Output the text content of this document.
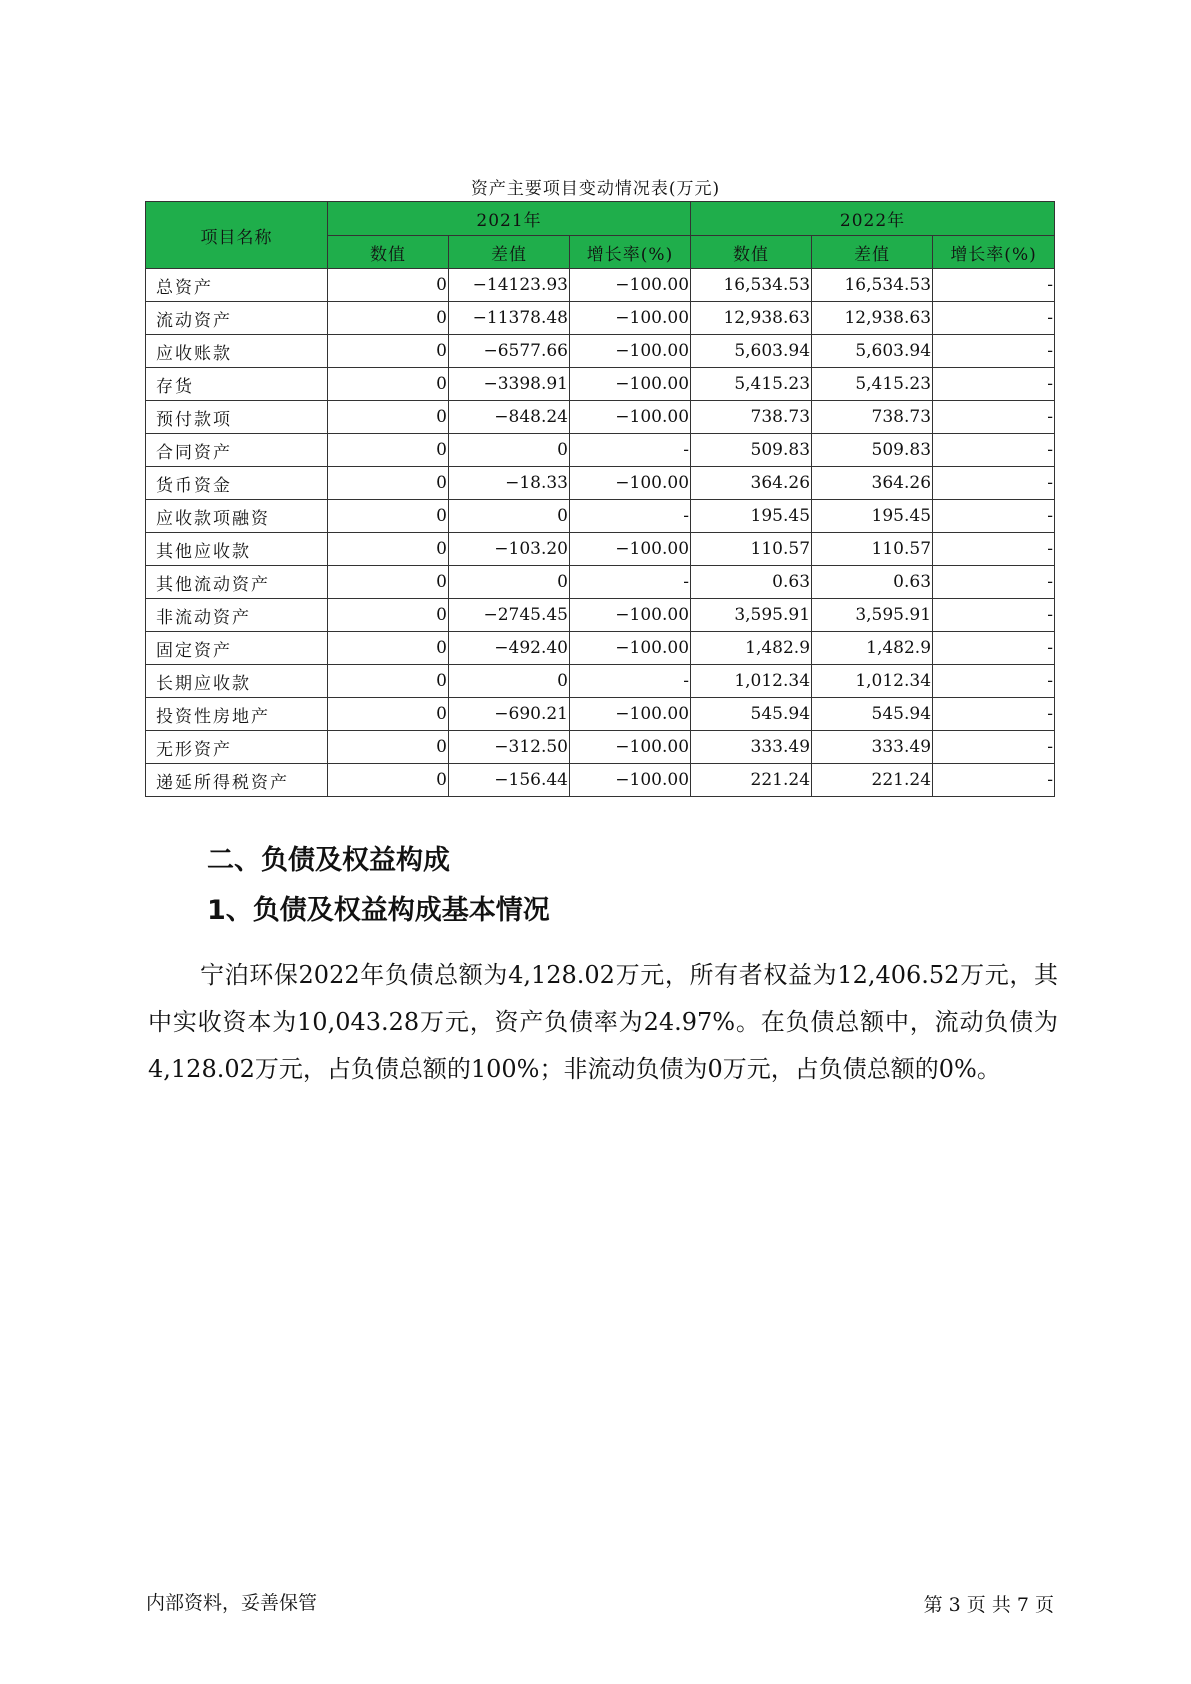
资产主要项目变动情况表(万元)
项目名称	2021年			2022年		
	数值	差值	增长率(%)	数值	差值	增长率(%)
总资产	0	−14123.93	−100.00	16,534.53	16,534.53	-
流动资产	0	−11378.48	−100.00	12,938.63	12,938.63	-
应收账款	0	−6577.66	−100.00	5,603.94	5,603.94	-
存货	0	−3398.91	−100.00	5,415.23	5,415.23	-
预付款项	0	−848.24	−100.00	738.73	738.73	-
合同资产	0	0	-	509.83	509.83	-
货币资金	0	−18.33	−100.00	364.26	364.26	-
应收款项融资	0	0	-	195.45	195.45	-
其他应收款	0	−103.20	−100.00	110.57	110.57	-
其他流动资产	0	0	-	0.63	0.63	-
非流动资产	0	−2745.45	−100.00	3,595.91	3,595.91	-
固定资产	0	−492.40	−100.00	1,482.9	1,482.9	-
长期应收款	0	0	-	1,012.34	1,012.34	-
投资性房地产	0	−690.21	−100.00	545.94	545.94	-
无形资产	0	−312.50	−100.00	333.49	333.49	-
递延所得税资产	0	−156.44	−100.00	221.24	221.24	-
二、负债及权益构成
1、负债及权益构成基本情况

宁泊环保2022年负债总额为4,128.02万元，所有者权益为12,406.52万元，其中实收资本为10,043.28万元，资产负债率为24.97%。在负债总额中，流动负债为4,128.02万元，占负债总额的100%；非流动负债为0万元，占负债总额的0%。

内部资料，妥善保管	第 3 页 共 7 页
